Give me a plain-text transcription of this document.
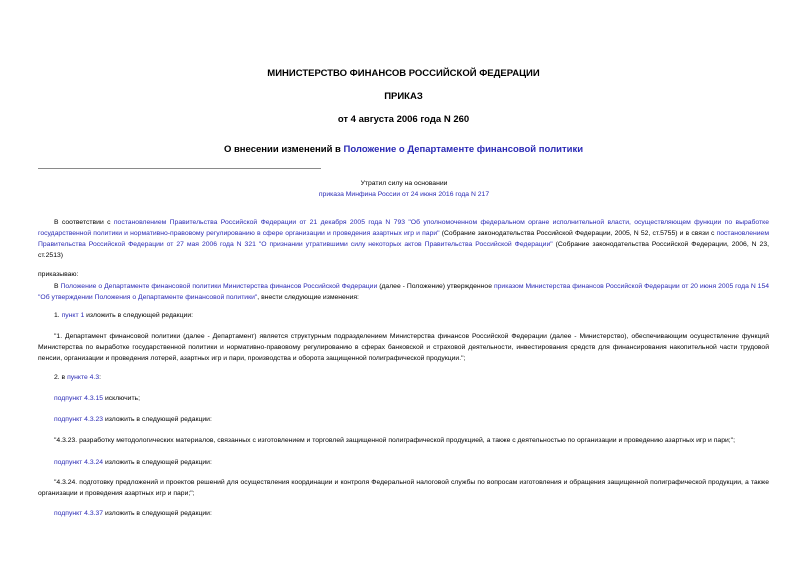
МИНИСТЕРСТВО ФИНАНСОВ РОССИЙСКОЙ ФЕДЕРАЦИИ
ПРИКАЗ
от 4 августа 2006 года N 260
О внесении изменений в Положение о Департаменте финансовой политики
Утратил силу на основании
приказа Минфина России от 24 июня 2016 года N 217
В соответствии с постановлением Правительства Российской Федерации от 21 декабря 2005 года N 793 "Об уполномоченном федеральном органе исполнительной власти, осуществляющем функции по выработке государственной политики и нормативно-правовому регулированию в сфере организации и проведения азартных игр и пари" (Собрание законодательства Российской Федерации, 2005, N 52, ст.5755) и в связи с постановлением Правительства Российской Федерации от 27 мая 2006 года N 321 "О признании утратившими силу некоторых актов Правительства Российской Федерации" (Собрание законодательства Российской Федерации, 2006, N 23, ст.2513)
приказываю:
В Положение о Департаменте финансовой политики Министерства финансов Российской Федерации (далее - Положение) утвержденное приказом Министерства финансов Российской Федерации от 20 июня 2005 года N 154 "Об утверждении Положения о Департаменте финансовой политики", внести следующие изменения:
1. пункт 1 изложить в следующей редакции:
"1. Департамент финансовой политики (далее - Департамент) является структурным подразделением Министерства финансов Российской Федерации (далее - Министерство), обеспечивающим осуществление функций Министерства по выработке государственной политики и нормативно-правовому регулированию в сферах банковской и страховой деятельности, инвестирования средств для финансирования накопительной части трудовой пенсии, организации и проведения лотерей, азартных игр и пари, производства и оборота защищенной полиграфической продукции.";
2. в пункте 4.3:
подпункт 4.3.15 исключить;
подпункт 4.3.23 изложить в следующей редакции:
"4.3.23. разработку методологических материалов, связанных с изготовлением и торговлей защищенной полиграфической продукцией, а также с деятельностью по организации и проведению азартных игр и пари;";
подпункт 4.3.24 изложить в следующей редакции:
"4.3.24. подготовку предложений и проектов решений для осуществления координации и контроля Федеральной налоговой службы по вопросам изготовления и обращения защищенной полиграфической продукции, а также организации и проведения азартных игр и пари;";
подпункт 4.3.37 изложить в следующей редакции:
